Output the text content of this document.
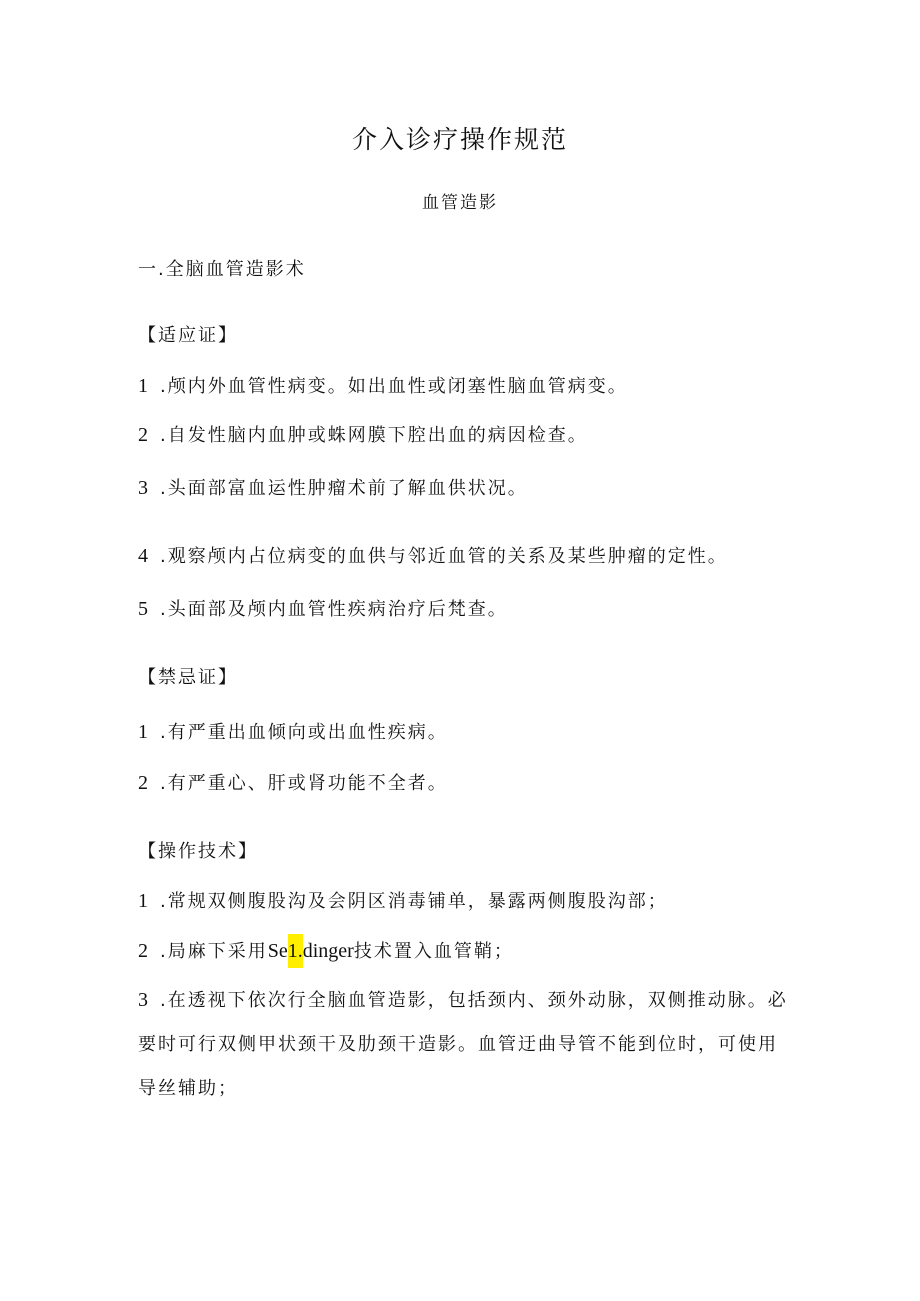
介入诊疗操作规范
血管造影
一.全脑血管造影术
【适应证】
1 .颅内外血管性病变。如出血性或闭塞性脑血管病变。
2 .自发性脑内血肿或蛛网膜下腔出血的病因检查。
3 .头面部富血运性肿瘤术前了解血供状况。
4 .观察颅内占位病变的血供与邻近血管的关系及某些肿瘤的定性。
5 .头面部及颅内血管性疾病治疗后梵查。
【禁忌证】
1 .有严重出血倾向或出血性疾病。
2 .有严重心、肝或肾功能不全者。
【操作技术】
1 .常规双侧腹股沟及会阴区消毒铺单，暴露两侧腹股沟部；
2 .局麻下采用Se1.dinger技术置入血管鞘；
3 .在透视下依次行全脑血管造影，包括颈内、颈外动脉，双侧推动脉。必要时可行双侧甲状颈干及肋颈干造影。血管迂曲导管不能到位时，可使用导丝辅助；
